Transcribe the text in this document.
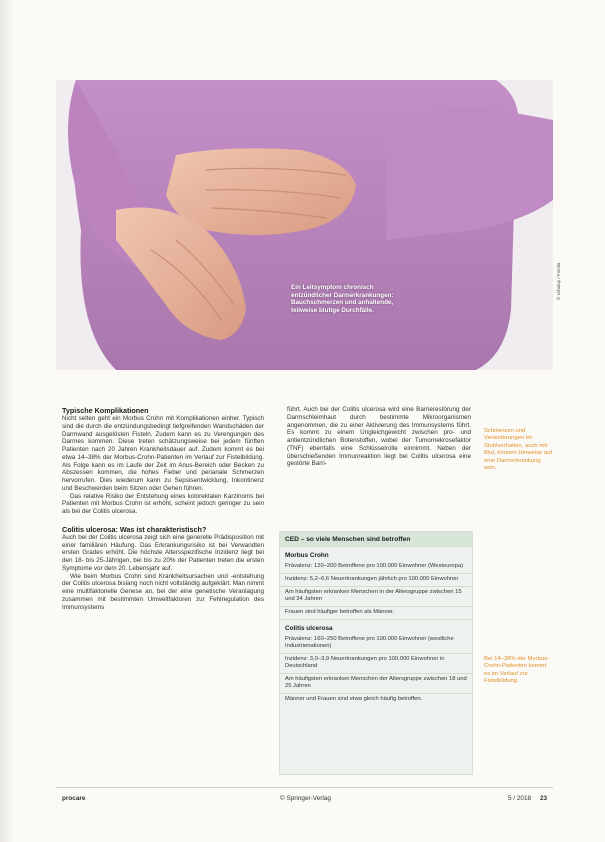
Ein Leitsymptom chronisch entzündlicher Darmerkrankungen: Bauchschmerzen und anhaltende, teilweise blutige Durchfälle.
© vchalup / Fotolia

Typische Komplikationen

Nicht selten geht ein Morbus Crohn mit Komplikationen einher. Typisch sind die durch die entzündungsbedingt tiefgreifenden Wandschäden der Darmwand ausgelösten Fisteln. Zudem kann es zu Verengungen des Darmes kommen. Diese treten schätzungsweise bei jedem fünften Patienten nach 20 Jahren Krankheitsdauer auf. Zudem kommt es bei etwa 14–38% der Morbus-Crohn-Patienten im Verlauf zur Fistelbildung. Als Folge kann es im Laufe der Zeit im Anus-Bereich oder Becken zu Abszessen kommen, die hohes Fieber und perianale Schmerzen hervorrufen. Dies wiederum kann zu Sepsisentwicklung, Inkontinenz und Beschwerden beim Sitzen oder Gehen führen.

Das relative Risiko der Entstehung eines kolorektalen Karzinoms bei Patienten mit Morbus Crohn ist erhöht, scheint jedoch geringer zu sein als bei der Colitis ulcerosa.

Colitis ulcerosa: Was ist charakteristisch?

Auch bei der Colitis ulcerosa zeigt sich eine generelle Prädisposition mit einer familiären Häufung. Das Erkrankungsrisiko ist bei Verwandten ersten Grades erhöht. Die höchste Altersspezifische Inzidenz liegt bei den 18- bis 25-Jährigen, bei bis zu 20% der Patienten treten die ersten Symptome vor dem 20. Lebensjahr auf.

Wie beim Morbus Crohn sind Krankheitsursachen und -entstehung der Colitis ulcerosa bislang noch nicht vollständig aufgeklärt. Man nimmt eine multifaktorielle Genese an, bei der eine genetische Veranlagung zusammen mit bestimmten Umweltfaktoren zur Fehlregulation des Immunsystems

führt. Auch bei der Colitis ulcerosa wird eine Barrierestörung der Darmschleimhaut durch bestimmte Mikroorganismen angenommen, die zu einer Aktivierung des Immunsystems führt. Es kommt zu einem Ungleichgewicht zwischen pro- und antientzündlichen Botenstoffen, wobei der Tumornekrosefaktor (TNF) ebenfalls eine Schlüsselrolle einnimmt. Neben der überschießenden Immunreaktion liegt bei Colitis ulcerosa eine gestörte Barri-

Schmerzen und Veränderungen im Stuhlverhalten, auch mit Blut, können Hinweise auf eine Darmerkrankung sein.
Bei 14–38% der Morbus-Crohn-Patienten kommt es im Verlauf zur Fistelbildung.
CED – so viele Menschen sind betroffen
Morbus Crohn
Prävalenz: 120–200 Betroffene pro 100.000 Einwohner (Westeuropa)
Inzidenz: 5,2–6,6 Neuerkrankungen jährlich pro 100.000 Einwohner
Am häufigsten erkranken Menschen in der Altersgruppe zwischen 15 und 34 Jahren
Frauen sind häufiger betroffen als Männer.
Colitis ulcerosa
Prävalenz: 160–250 Betroffene pro 100.000 Einwohner (westliche Industrienationen)
Inzidenz: 3,0–3,9 Neuerkrankungen pro 100.000 Einwohner in Deutschland
Am häufigsten erkranken Menschen der Altersgruppe zwischen 18 und 25 Jahren
Männer und Frauen sind etwa gleich häufig betroffen.
procare	© Springer-Verlag	5 / 2018 23
